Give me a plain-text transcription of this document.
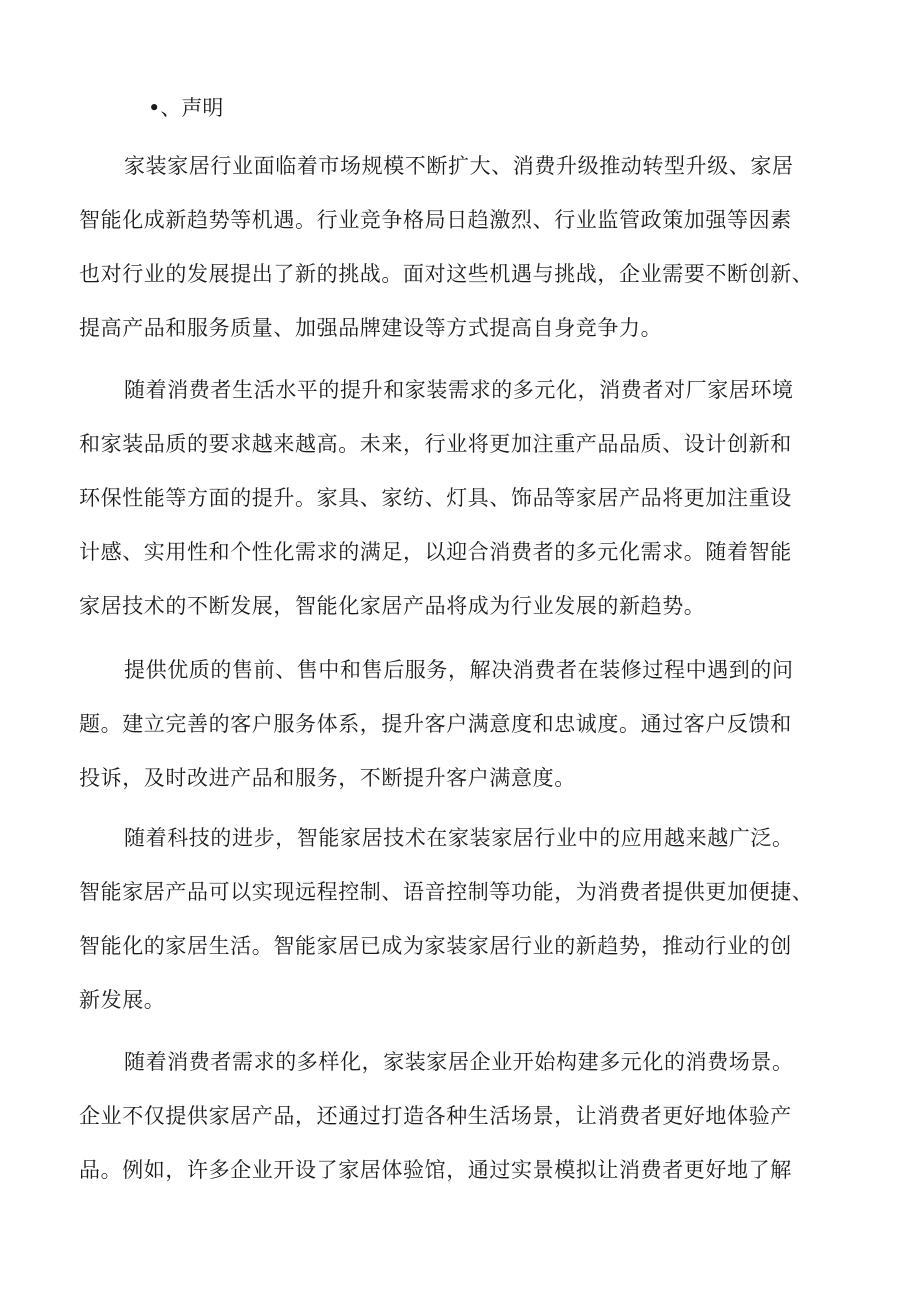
•、声明
家装家居行业面临着市场规模不断扩大、消费升级推动转型升级、家居
智能化成新趋势等机遇。行业竞争格局日趋激烈、行业监管政策加强等因素
也对行业的发展提出了新的挑战。面对这些机遇与挑战，企业需要不断创新、
提高产品和服务质量、加强品牌建设等方式提高自身竞争力。
随着消费者生活水平的提升和家装需求的多元化，消费者对厂家居环境
和家装品质的要求越来越高。未来，行业将更加注重产品品质、设计创新和
环保性能等方面的提升。家具、家纺、灯具、饰品等家居产品将更加注重设
计感、实用性和个性化需求的满足，以迎合消费者的多元化需求。随着智能
家居技术的不断发展，智能化家居产品将成为行业发展的新趋势。
提供优质的售前、售中和售后服务，解决消费者在装修过程中遇到的问
题。建立完善的客户服务体系，提升客户满意度和忠诚度。通过客户反馈和
投诉，及时改进产品和服务，不断提升客户满意度。
随着科技的进步，智能家居技术在家装家居行业中的应用越来越广泛。
智能家居产品可以实现远程控制、语音控制等功能，为消费者提供更加便捷、
智能化的家居生活。智能家居已成为家装家居行业的新趋势，推动行业的创
新发展。
随着消费者需求的多样化，家装家居企业开始构建多元化的消费场景。
企业不仅提供家居产品，还通过打造各种生活场景，让消费者更好地体验产
品。例如，许多企业开设了家居体验馆，通过实景模拟让消费者更好地了解
